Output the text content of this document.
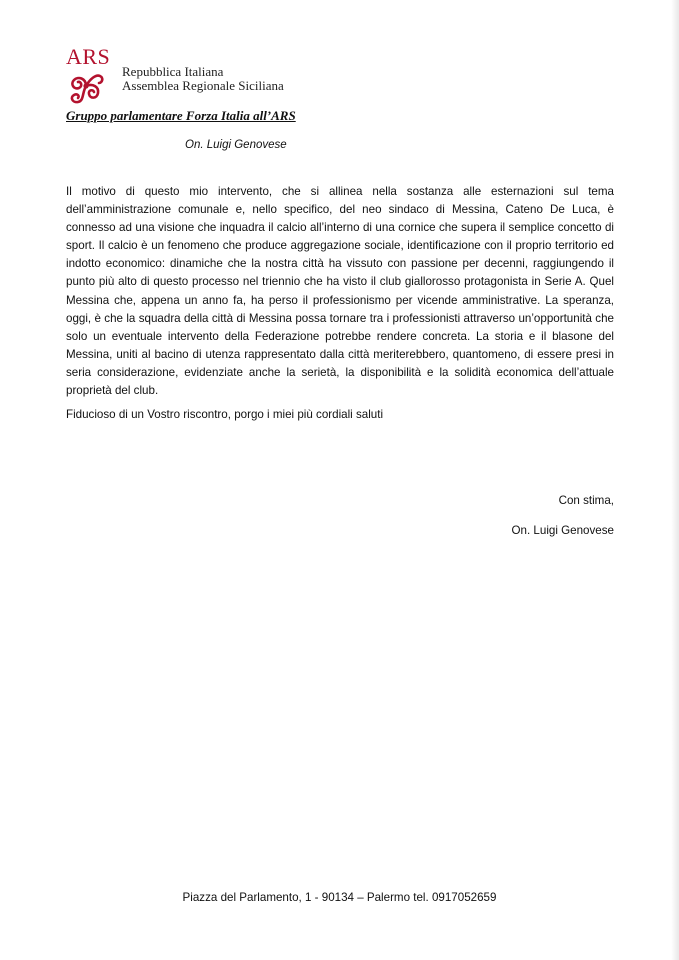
ARS
Repubblica Italiana
Assemblea Regionale Siciliana
Gruppo parlamentare Forza Italia all’ARS
On. Luigi Genovese
Il motivo di questo mio intervento, che si allinea nella sostanza alle esternazioni sul tema dell’amministrazione comunale e, nello specifico, del neo sindaco di Messina, Cateno De Luca, è connesso ad una visione che inquadra il calcio all’interno di una cornice che supera il semplice concetto di sport. Il calcio è un fenomeno che produce aggregazione sociale, identificazione con il proprio territorio ed indotto economico: dinamiche che la nostra città ha vissuto con passione per decenni, raggiungendo il punto più alto di questo processo nel triennio che ha visto il club giallorosso protagonista in Serie A. Quel Messina che, appena un anno fa, ha perso il professionismo per vicende amministrative. La speranza, oggi, è che la squadra della città di Messina possa tornare tra i professionisti attraverso un’opportunità che solo un eventuale intervento della Federazione potrebbe rendere concreta. La storia e il blasone del Messina, uniti al bacino di utenza rappresentato dalla città meriterebbero, quantomeno, di essere presi in seria considerazione, evidenziate anche la serietà, la disponibilità e la solidità economica dell’attuale proprietà del club.
Fiducioso di un Vostro riscontro, porgo i miei più cordiali saluti
Con stima,
On. Luigi Genovese
Piazza del Parlamento, 1 - 90134 – Palermo tel. 0917052659
